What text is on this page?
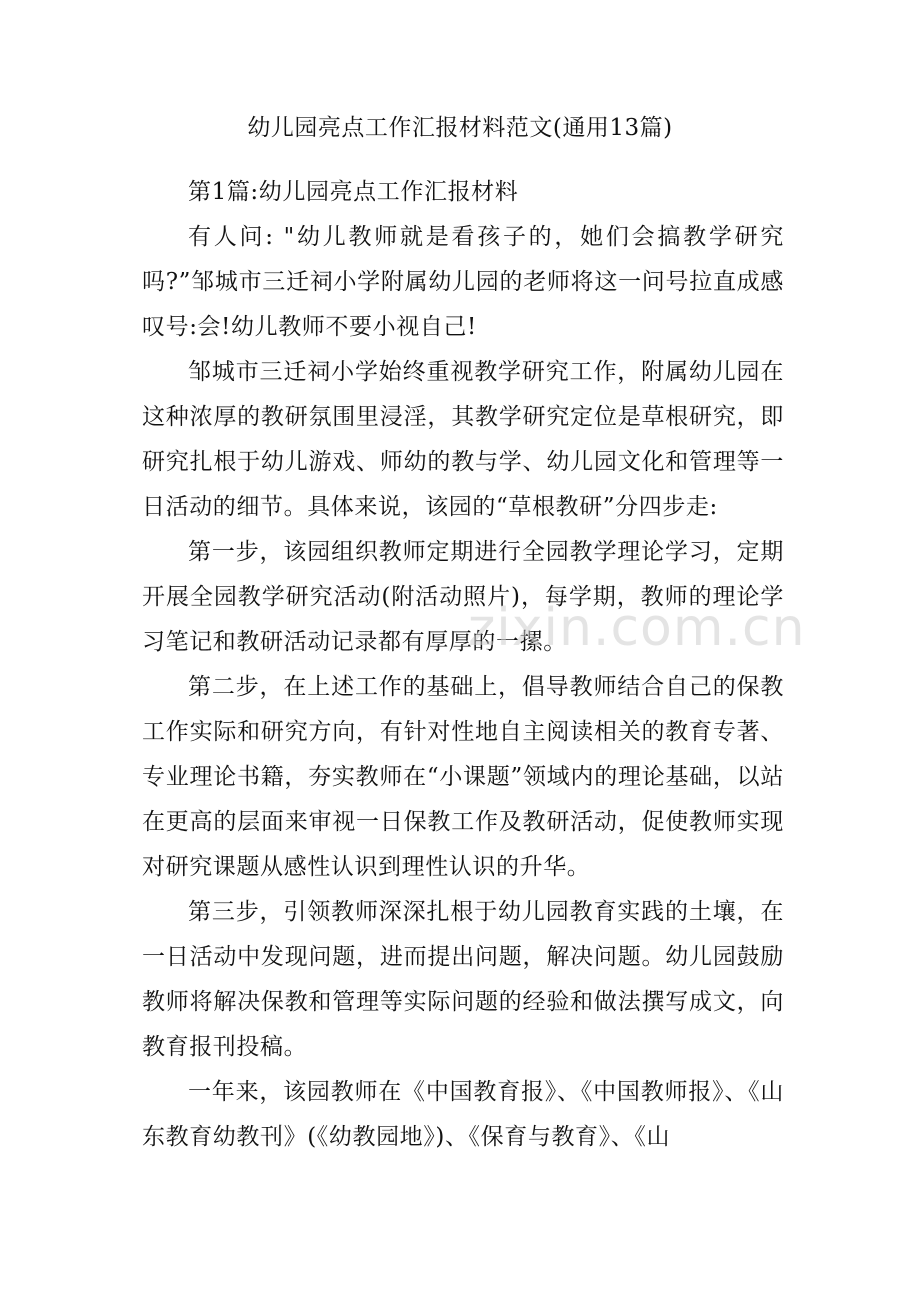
幼儿园亮点工作汇报材料范文(通用13篇)

第1篇:幼儿园亮点工作汇报材料

有人问: "幼儿教师就是看孩子的，她们会搞教学研究吗?”邹城市三迁祠小学附属幼儿园的老师将这一问号拉直成感叹号:会!幼儿教师不要小视自己!

邹城市三迁祠小学始终重视教学研究工作，附属幼儿园在这种浓厚的教研氛围里浸淫，其教学研究定位是草根研究，即研究扎根于幼儿游戏、师幼的教与学、幼儿园文化和管理等一日活动的细节。具体来说，该园的“草根教研”分四步走:

第一步，该园组织教师定期进行全园教学理论学习，定期开展全园教学研究活动(附活动照片)，每学期，教师的理论学习笔记和教研活动记录都有厚厚的一摞。

第二步，在上述工作的基础上，倡导教师结合自己的保教工作实际和研究方向，有针对性地自主阅读相关的教育专著、专业理论书籍，夯实教师在“小课题”领域内的理论基础，以站在更高的层面来审视一日保教工作及教研活动，促使教师实现对研究课题从感性认识到理性认识的升华。

第三步，引领教师深深扎根于幼儿园教育实践的土壤，在一日活动中发现问题，进而提出问题，解决问题。幼儿园鼓励教师将解决保教和管理等实际问题的经验和做法撰写成文，向教育报刊投稿。

一年来，该园教师在《中国教育报》、《中国教师报》、《山东教育幼教刊》(《幼教园地》)、《保育与教育》、《山

zixin.com.cn
